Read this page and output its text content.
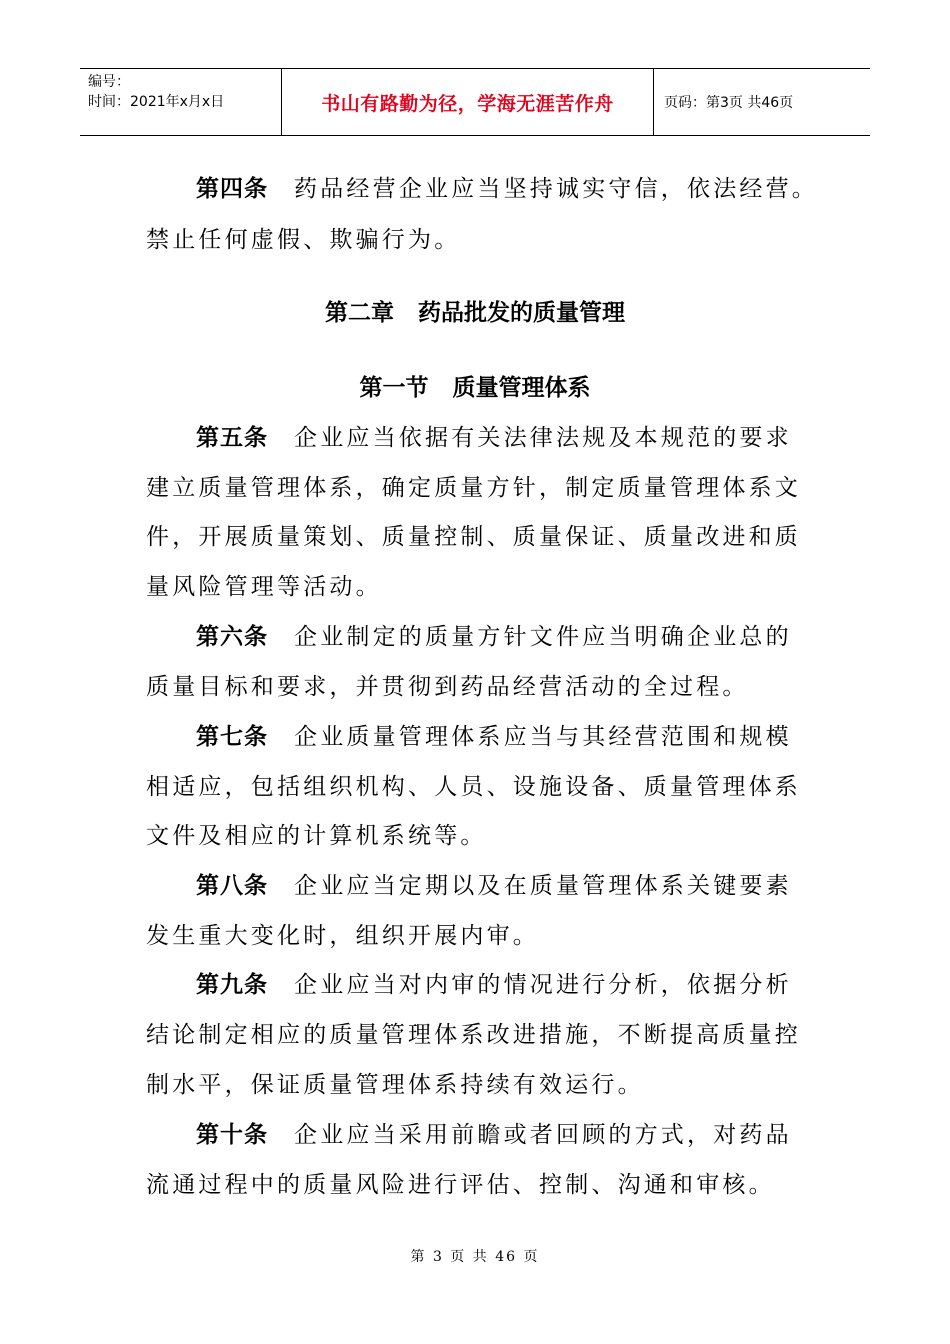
编号：
时间：2021年x月x日	书山有路勤为径，学海无涯苦作舟	页码：第3页 共46页
第四条 药品经营企业应当坚持诚实守信，依法经营。
禁止任何虚假、欺骗行为。
第二章 药品批发的质量管理
第一节 质量管理体系
第五条 企业应当依据有关法律法规及本规范的要求
建立质量管理体系，确定质量方针，制定质量管理体系文
件，开展质量策划、质量控制、质量保证、质量改进和质
量风险管理等活动。
第六条 企业制定的质量方针文件应当明确企业总的
质量目标和要求，并贯彻到药品经营活动的全过程。
第七条 企业质量管理体系应当与其经营范围和规模
相适应，包括组织机构、人员、设施设备、质量管理体系
文件及相应的计算机系统等。
第八条 企业应当定期以及在质量管理体系关键要素
发生重大变化时，组织开展内审。
第九条 企业应当对内审的情况进行分析，依据分析
结论制定相应的质量管理体系改进措施，不断提高质量控
制水平，保证质量管理体系持续有效运行。
第十条 企业应当采用前瞻或者回顾的方式，对药品
流通过程中的质量风险进行评估、控制、沟通和审核。
第 3 页 共 46 页
